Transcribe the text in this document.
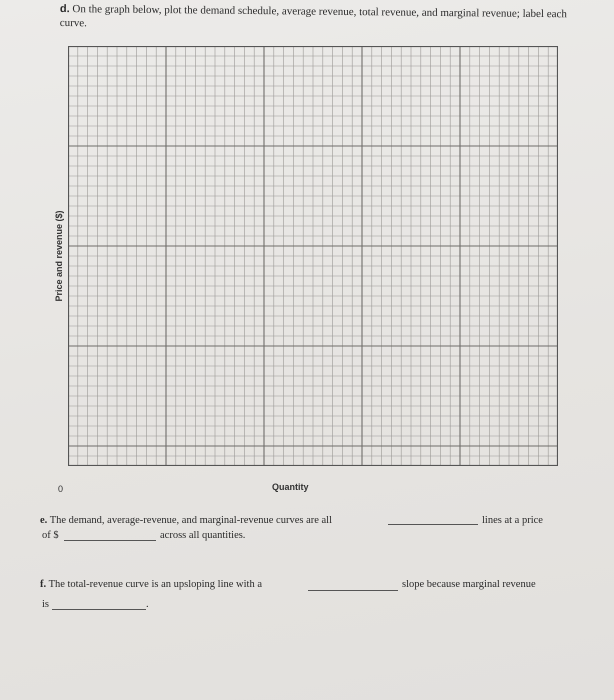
d. On the graph below, plot the demand schedule, average revenue, total revenue, and marginal revenue; label each curve.
Price and revenue ($)
0	Quantity
e. The demand, average-revenue, and marginal-revenue curves are all	lines at a price
of $	across all quantities.
f. The total-revenue curve is an upsloping line with a	slope because marginal revenue
is	.
